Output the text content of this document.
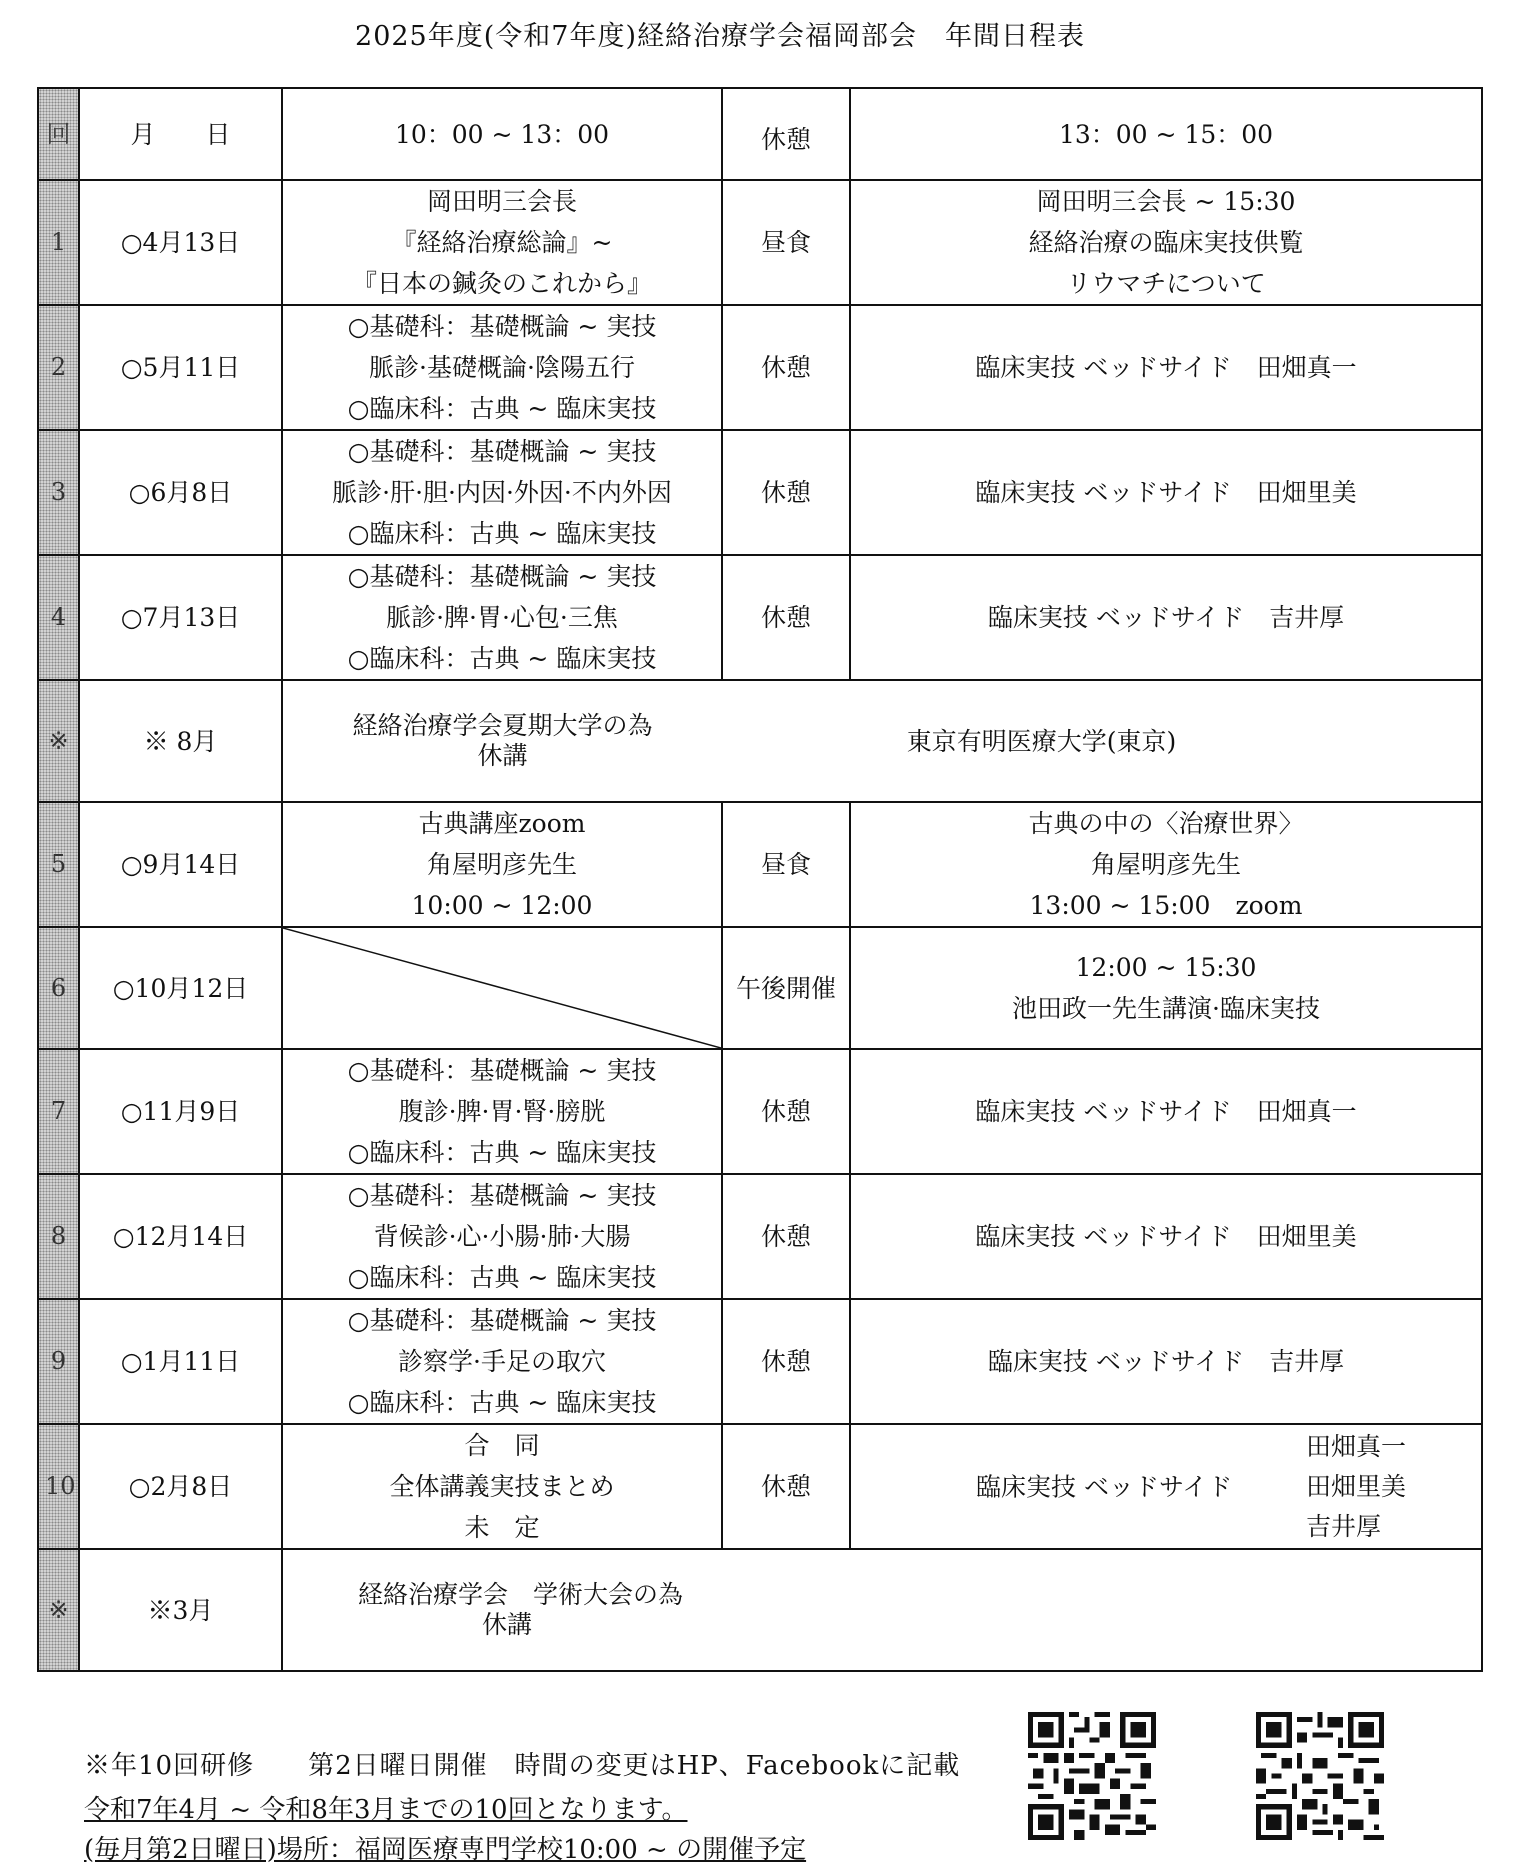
2025年度(令和7年度)経絡治療学会福岡部会　年間日程表
回	月　　日	10：00 ~ 13：00	休憩	13：00 ~ 15：00
1	○4月13日	岡田明三会長
『経絡治療総論』~
『日本の鍼灸のこれから』	昼食	岡田明三会長 ~ 15:30
経絡治療の臨床実技供覧
リウマチについて

2	○5月11日	○基礎科：基礎概論 ~ 実技
脈診·基礎概論·陰陽五行
○臨床科：古典 ~ 臨床実技	休憩	臨床実技 ベッドサイド　田畑真一

3	○6月8日	○基礎科：基礎概論 ~ 実技
脈診·肝·胆·内因·外因·不内外因
○臨床科：古典 ~ 臨床実技	休憩	臨床実技 ベッドサイド　田畑里美

4	○7月13日	○基礎科：基礎概論 ~ 実技
脈診·脾·胃·心包·三焦
○臨床科：古典 ~ 臨床実技	休憩	臨床実技 ベッドサイド　吉井厚

※	※ 8月	経絡治療学会夏期大学の為
休講	東京有明医療大学(東京)	

5	○9月14日	古典講座zoom
角屋明彦先生
10:00 ~ 12:00	昼食	古典の中の〈治療世界〉
角屋明彦先生
13:00 ~ 15:00　zoom

6	○10月12日		午後開催	12:00 ~ 15:30
池田政一先生講演·臨床実技

7	○11月9日	○基礎科：基礎概論 ~ 実技
腹診·脾·胃·腎·膀胱
○臨床科：古典 ~ 臨床実技	休憩	臨床実技 ベッドサイド　田畑真一

8	○12月14日	○基礎科：基礎概論 ~ 実技
背候診·心·小腸·肺·大腸
○臨床科：古典 ~ 臨床実技	休憩	臨床実技 ベッドサイド　田畑里美

9	○1月11日	○基礎科：基礎概論 ~ 実技
診察学·手足の取穴
○臨床科：古典 ~ 臨床実技	休憩	臨床実技 ベッドサイド　吉井厚

10	○2月8日	合　同
全体講義実技まとめ
未　定	休憩	臨床実技 ベッドサイド
田畑真一
田畑里美
吉井厚

※	※3月	経絡治療学会　学術大会の為
休講		
※年10回研修　　第2日曜日開催　時間の変更はHP、Facebookに記載
令和7年4月 ~ 令和8年3月までの10回となります。
(毎月第2日曜日)場所：福岡医療専門学校10:00 ~ の開催予定
